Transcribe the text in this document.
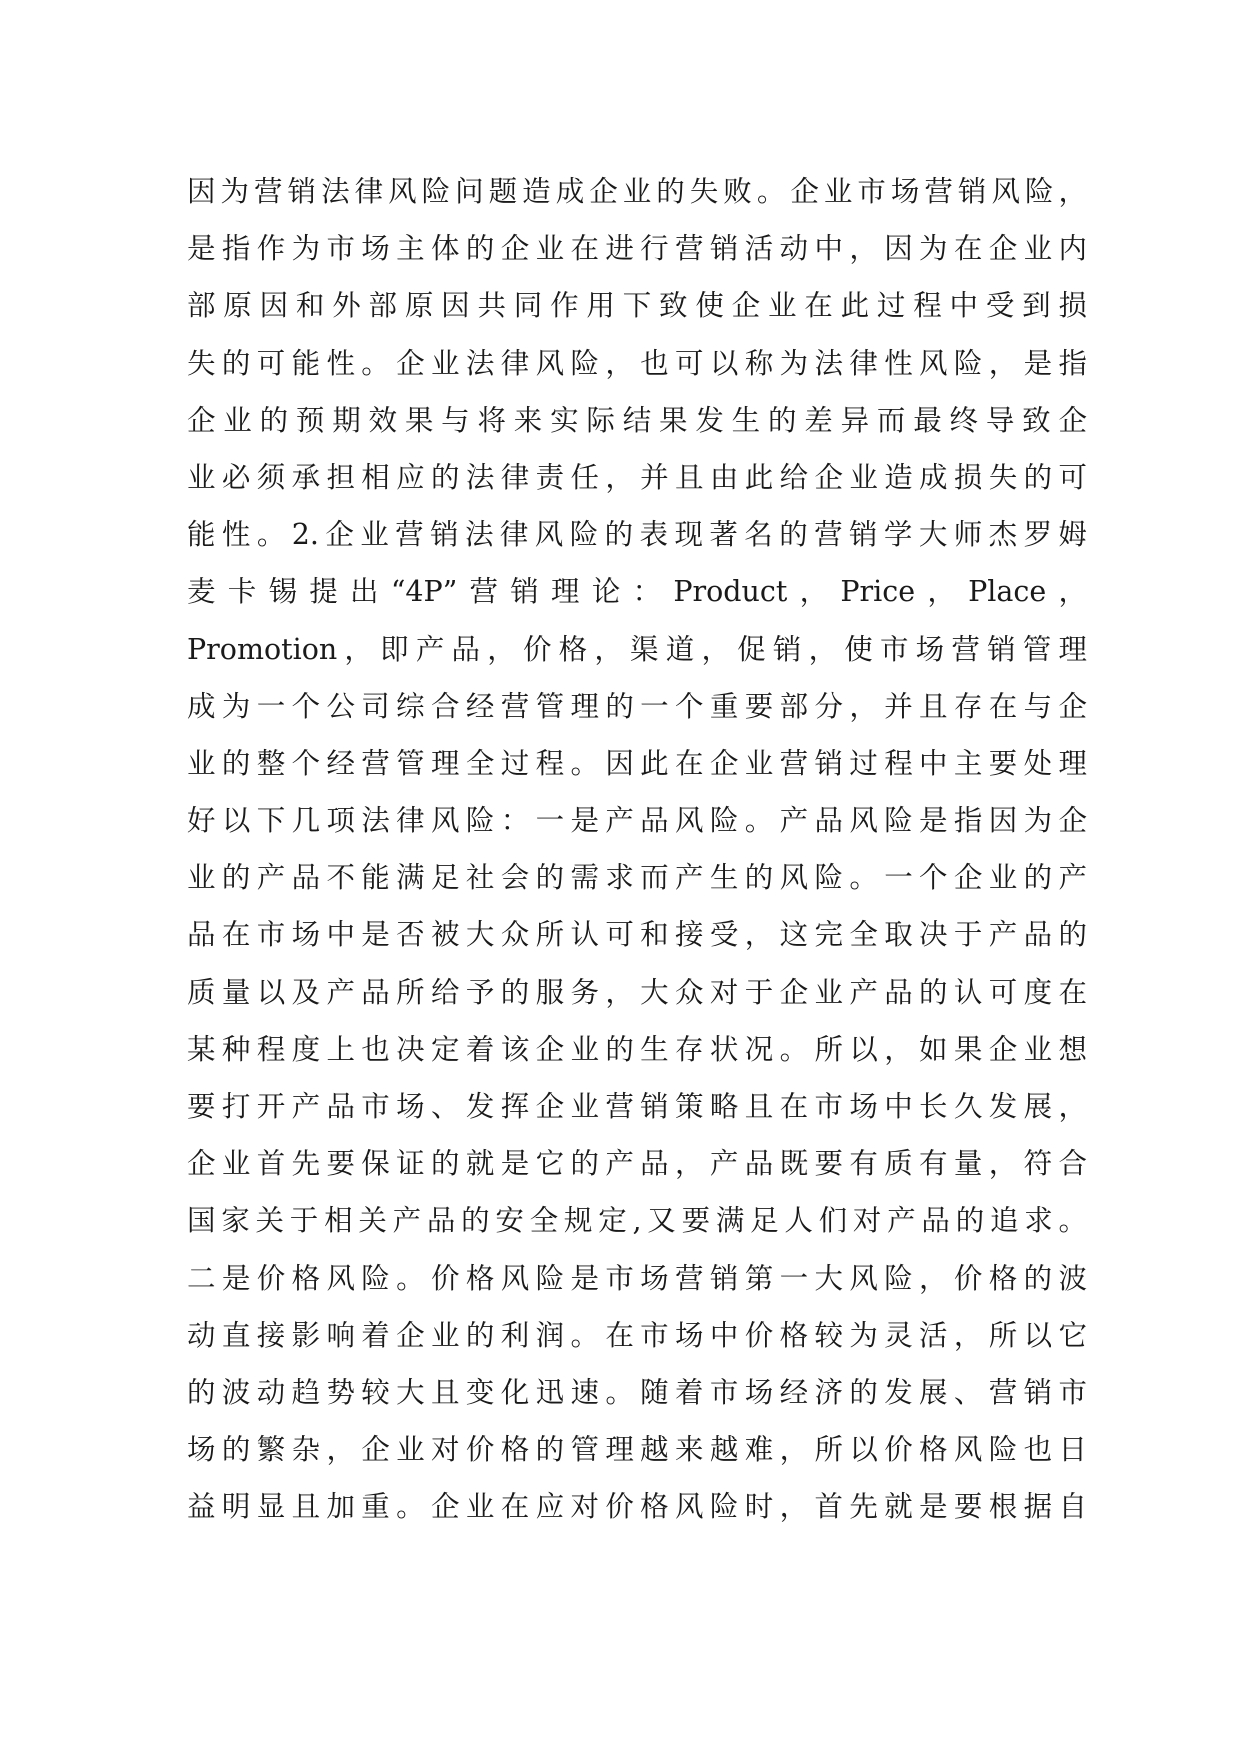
因为营销法律风险问题造成企业的失败。企业市场营销风险，
是指作为市场主体的企业在进行营销活动中，因为在企业内
部原因和外部原因共同作用下致使企业在此过程中受到损
失的可能性。企业法律风险，也可以称为法律性风险，是指
企业的预期效果与将来实际结果发生的差异而最终导致企
业必须承担相应的法律责任，并且由此给企业造成损失的可
能性。2.企业营销法律风险的表现著名的营销学大师杰罗姆
麦卡锡提出“4P”营销理论：Product，Price，Place，
Promotion，即产品，价格，渠道，促销，使市场营销管理
成为一个公司综合经营管理的一个重要部分，并且存在与企
业的整个经营管理全过程。因此在企业营销过程中主要处理
好以下几项法律风险：一是产品风险。产品风险是指因为企
业的产品不能满足社会的需求而产生的风险。一个企业的产
品在市场中是否被大众所认可和接受，这完全取决于产品的
质量以及产品所给予的服务，大众对于企业产品的认可度在
某种程度上也决定着该企业的生存状况。所以，如果企业想
要打开产品市场、发挥企业营销策略且在市场中长久发展，
企业首先要保证的就是它的产品，产品既要有质有量，符合
国家关于相关产品的安全规定,又要满足人们对产品的追求。
二是价格风险。价格风险是市场营销第一大风险，价格的波
动直接影响着企业的利润。在市场中价格较为灵活，所以它
的波动趋势较大且变化迅速。随着市场经济的发展、营销市
场的繁杂，企业对价格的管理越来越难，所以价格风险也日
益明显且加重。企业在应对价格风险时，首先就是要根据自
